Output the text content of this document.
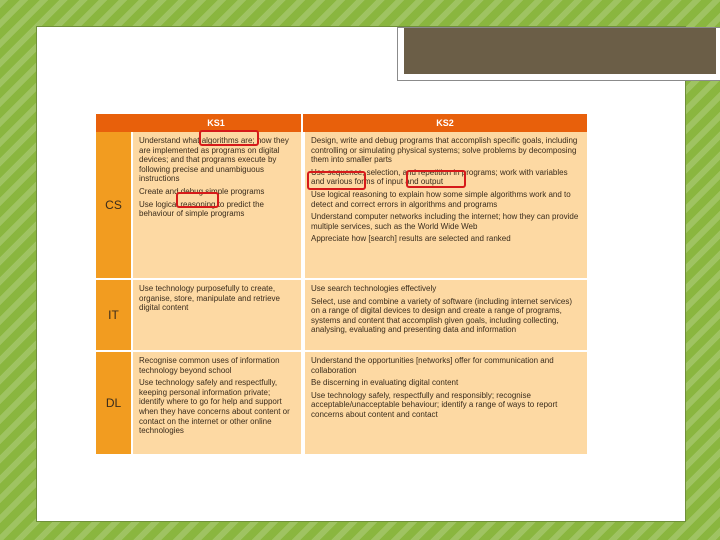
KS1	KS2
CS

Understand what algorithms are; how they are implemented as programs on digital devices; and that programs execute by following precise and unambiguous instructions

Create and debug simple programs

Use logical reasoning to predict the behaviour of simple programs

Design, write and debug programs that accomplish specific goals, including controlling or simulating physical systems; solve problems by decomposing them into smaller parts

Use sequence, selection, and repetition in programs; work with variables and various forms of input and output

Use logical reasoning to explain how some simple algorithms work and to detect and correct errors in algorithms and programs

Understand computer networks including the internet; how they can provide multiple services, such as the World Wide Web

Appreciate how [search] results are selected and ranked

IT

Use technology purposefully to create, organise, store, manipulate and retrieve digital content

Use search technologies effectively

Select, use and combine a variety of software (including internet services) on a range of digital devices to design and create a range of programs, systems and content that accomplish given goals, including collecting, analysing, evaluating and presenting data and information

DL

Recognise common uses of information technology beyond school

Use technology safely and respectfully, keeping personal information private; identify where to go for help and support when they have concerns about content or contact on the internet or other online technologies

Understand the opportunities [networks] offer for communication and collaboration

Be discerning in evaluating digital content

Use technology safely, respectfully and responsibly; recognise acceptable/unacceptable behaviour; identify a range of ways to report concerns about content and contact
